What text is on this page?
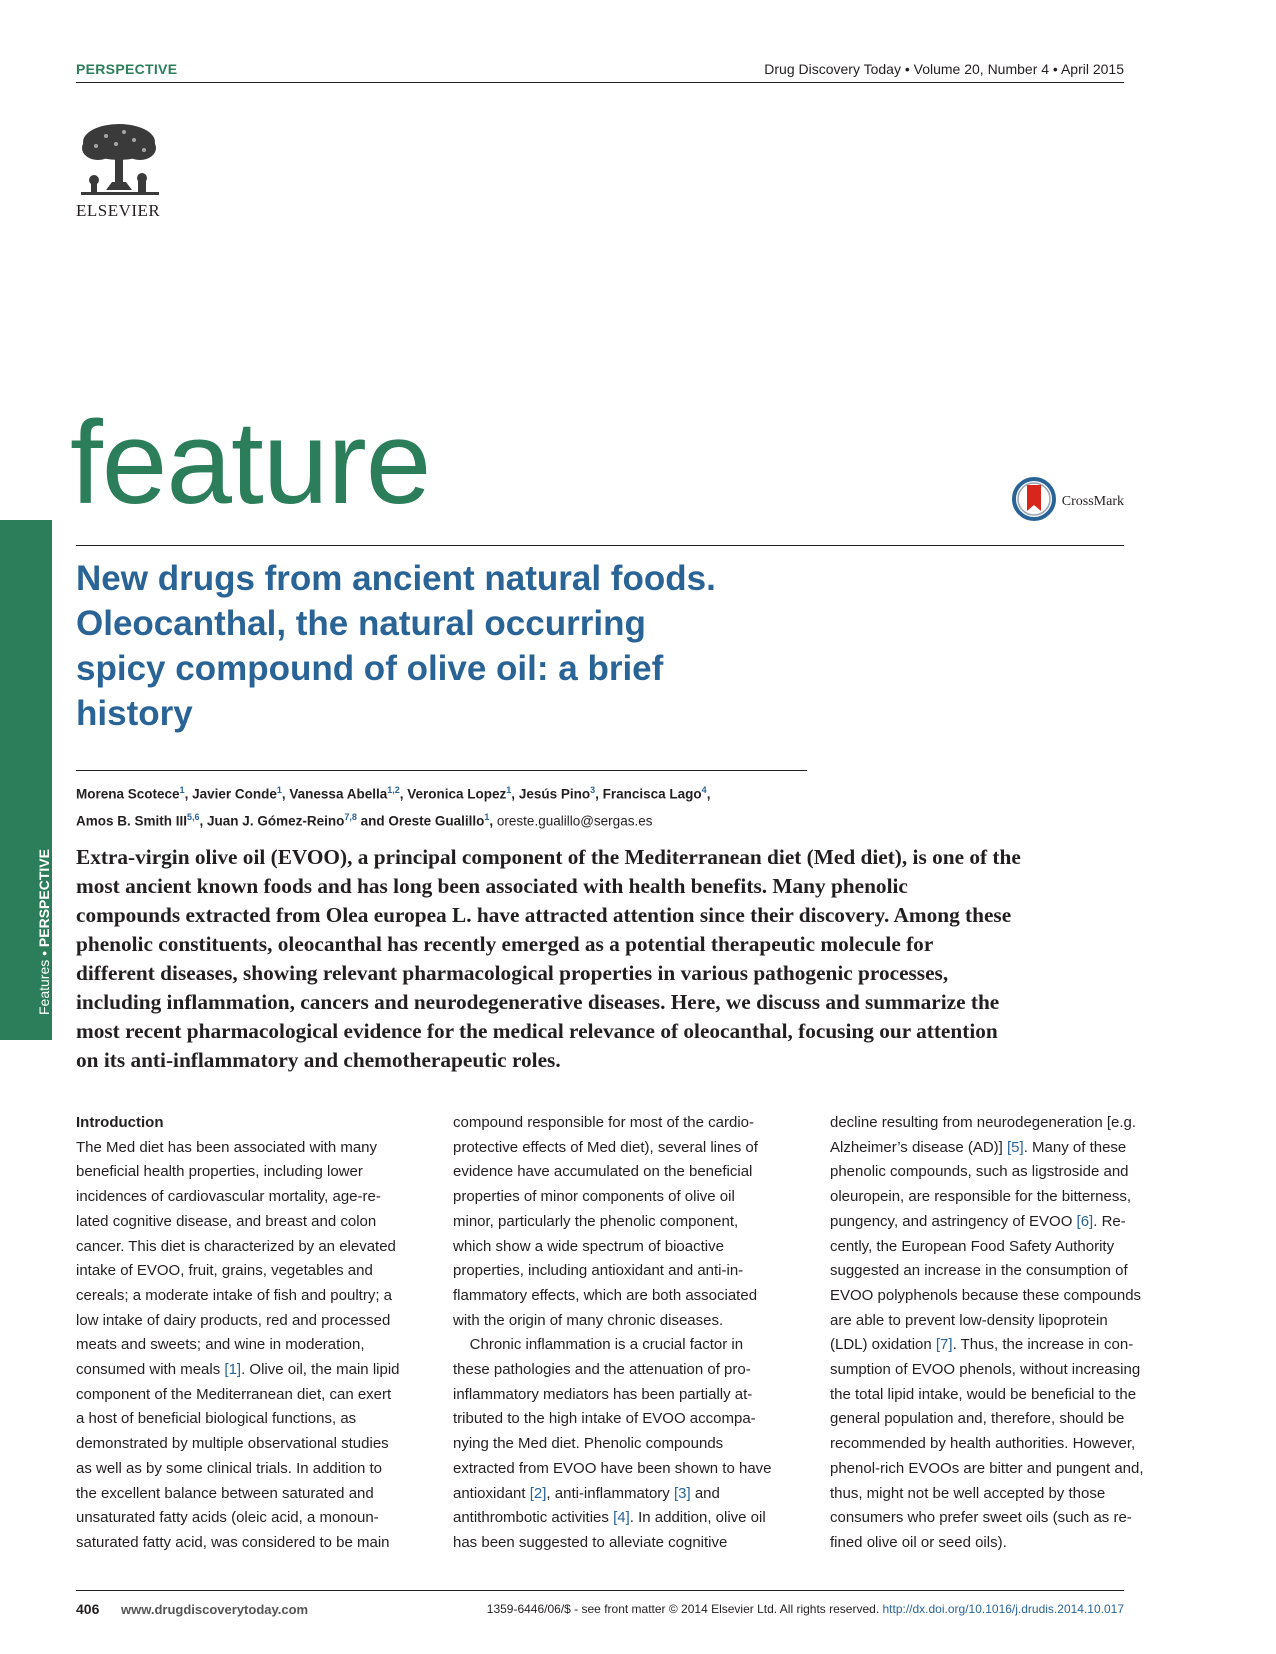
PERSPECTIVE	Drug Discovery Today • Volume 20, Number 4 • April 2015
ELSEVIER
feature	CrossMark
Features • PERSPECTIVE
New drugs from ancient natural foods.
Oleocanthal, the natural occurring
spicy compound of olive oil: a brief
history
Morena Scotece$^1$, Javier Conde$^1$, Vanessa Abella$^{1,2}$, Veronica Lopez$^1$, Jesús Pino$^3$, Francisca Lago$^4$,
Amos B. Smith III$^{5,6}$, Juan J. Gómez-Reino$^{7,8}$ and Oreste Gualillo$^1$, oreste.gualillo@sergas.es
Extra-virgin olive oil (EVOO), a principal component of the Mediterranean diet (Med diet), is one of the
most ancient known foods and has long been associated with health benefits. Many phenolic
compounds extracted from Olea europea L. have attracted attention since their discovery. Among these
phenolic constituents, oleocanthal has recently emerged as a potential therapeutic molecule for
different diseases, showing relevant pharmacological properties in various pathogenic processes,
including inflammation, cancers and neurodegenerative diseases. Here, we discuss and summarize the
most recent pharmacological evidence for the medical relevance of oleocanthal, focusing our attention
on its anti-inflammatory and chemotherapeutic roles.
Introduction
The Med diet has been associated with many
beneficial health properties, including lower
incidences of cardiovascular mortality, age-re-
lated cognitive disease, and breast and colon
cancer. This diet is characterized by an elevated
intake of EVOO, fruit, grains, vegetables and
cereals; a moderate intake of fish and poultry; a
low intake of dairy products, red and processed
meats and sweets; and wine in moderation,
consumed with meals [1]. Olive oil, the main lipid
component of the Mediterranean diet, can exert
a host of beneficial biological functions, as
demonstrated by multiple observational studies
as well as by some clinical trials. In addition to
the excellent balance between saturated and
unsaturated fatty acids (oleic acid, a monoun-
saturated fatty acid, was considered to be main
compound responsible for most of the cardio-
protective effects of Med diet), several lines of
evidence have accumulated on the beneficial
properties of minor components of olive oil
minor, particularly the phenolic component,
which show a wide spectrum of bioactive
properties, including antioxidant and anti-in-
flammatory effects, which are both associated
with the origin of many chronic diseases.
Chronic inflammation is a crucial factor in
these pathologies and the attenuation of pro-
inflammatory mediators has been partially at-
tributed to the high intake of EVOO accompa-
nying the Med diet. Phenolic compounds
extracted from EVOO have been shown to have
antioxidant [2], anti-inflammatory [3] and
antithrombotic activities [4]. In addition, olive oil
has been suggested to alleviate cognitive
decline resulting from neurodegeneration [e.g.
Alzheimer’s disease (AD)] [5]. Many of these
phenolic compounds, such as ligstroside and
oleuropein, are responsible for the bitterness,
pungency, and astringency of EVOO [6]. Re-
cently, the European Food Safety Authority
suggested an increase in the consumption of
EVOO polyphenols because these compounds
are able to prevent low-density lipoprotein
(LDL) oxidation [7]. Thus, the increase in con-
sumption of EVOO phenols, without increasing
the total lipid intake, would be beneficial to the
general population and, therefore, should be
recommended by health authorities. However,
phenol-rich EVOOs are bitter and pungent and,
thus, might not be well accepted by those
consumers who prefer sweet oils (such as re-
fined olive oil or seed oils).
406 www.drugdiscoverytoday.com	1359-6446/06/$ - see front matter © 2014 Elsevier Ltd. All rights reserved. http://dx.doi.org/10.1016/j.drudis.2014.10.017
